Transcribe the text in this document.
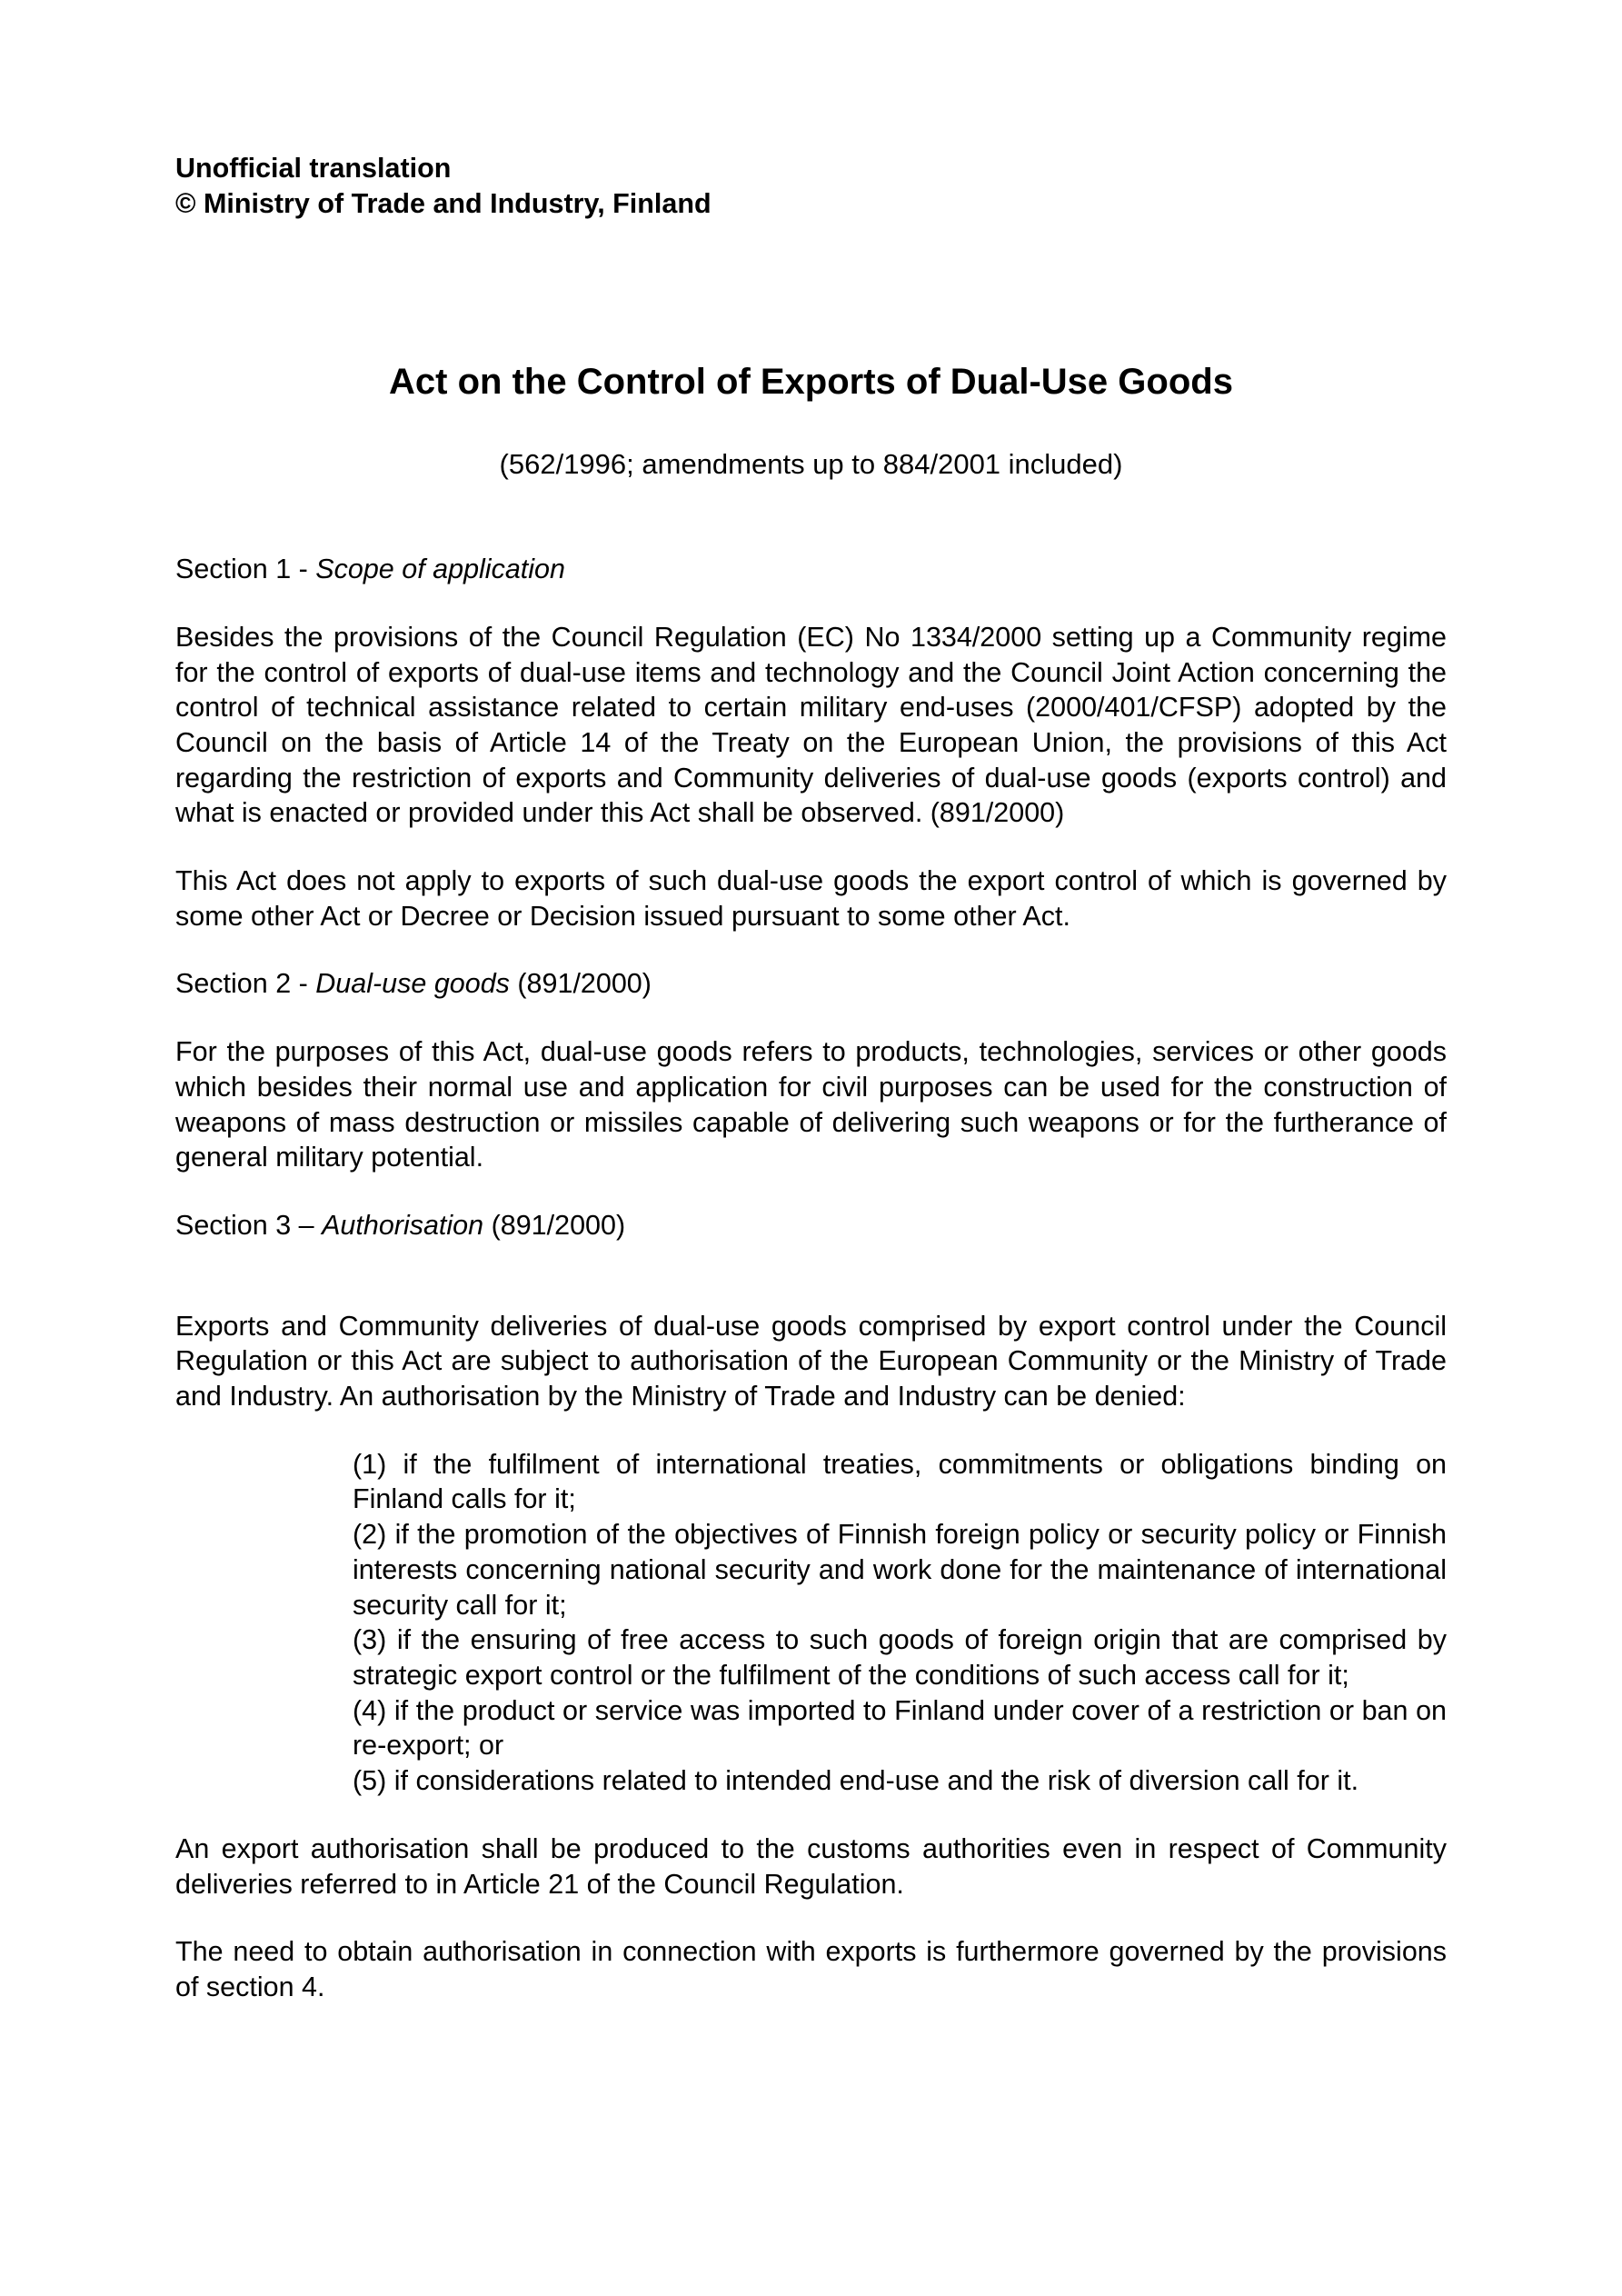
Unofficial translation
© Ministry of Trade and Industry, Finland
Act on the Control of Exports of Dual-Use Goods
(562/1996; amendments up to 884/2001 included)
Section 1 - Scope of application

Besides the provisions of the Council Regulation (EC) No 1334/2000 setting up a Community regime for the control of exports of dual-use items and technology and the Council Joint Action concerning the control of technical assistance related to certain military end-uses (2000/401/CFSP) adopted by the Council on the basis of Article 14 of the Treaty on the European Union, the provisions of this Act regarding the restriction of exports and Community deliveries of dual-use goods (exports control) and what is enacted or provided under this Act shall be observed. (891/2000)

This Act does not apply to exports of such dual-use goods the export control of which is governed by some other Act or Decree or Decision issued pursuant to some other Act.

Section 2 - Dual-use goods (891/2000)

For the purposes of this Act, dual-use goods refers to products, technologies, services or other goods which besides their normal use and application for civil purposes can be used for the construction of weapons of mass destruction or missiles capable of delivering such weapons or for the furtherance of general military potential.

Section 3 – Authorisation (891/2000)

Exports and Community deliveries of dual-use goods comprised by export control under the Council Regulation or this Act are subject to authorisation of the European Community or the Ministry of Trade and Industry. An authorisation by the Ministry of Trade and Industry can be denied:

(1) if the fulfilment of international treaties, commitments or obligations binding on Finland calls for it;

(2) if the promotion of the objectives of Finnish foreign policy or security policy or Finnish interests concerning national security and work done for the maintenance of international security call for it;

(3) if the ensuring of free access to such goods of foreign origin that are comprised by strategic export control or the fulfilment of the conditions of such access call for it;

(4) if the product or service was imported to Finland under cover of a restriction or ban on re-export; or

(5) if considerations related to intended end-use and the risk of diversion call for it.

An export authorisation shall be produced to the customs authorities even in respect of Community deliveries referred to in Article 21 of the Council Regulation.

The need to obtain authorisation in connection with exports is furthermore governed by the provisions of section 4.
